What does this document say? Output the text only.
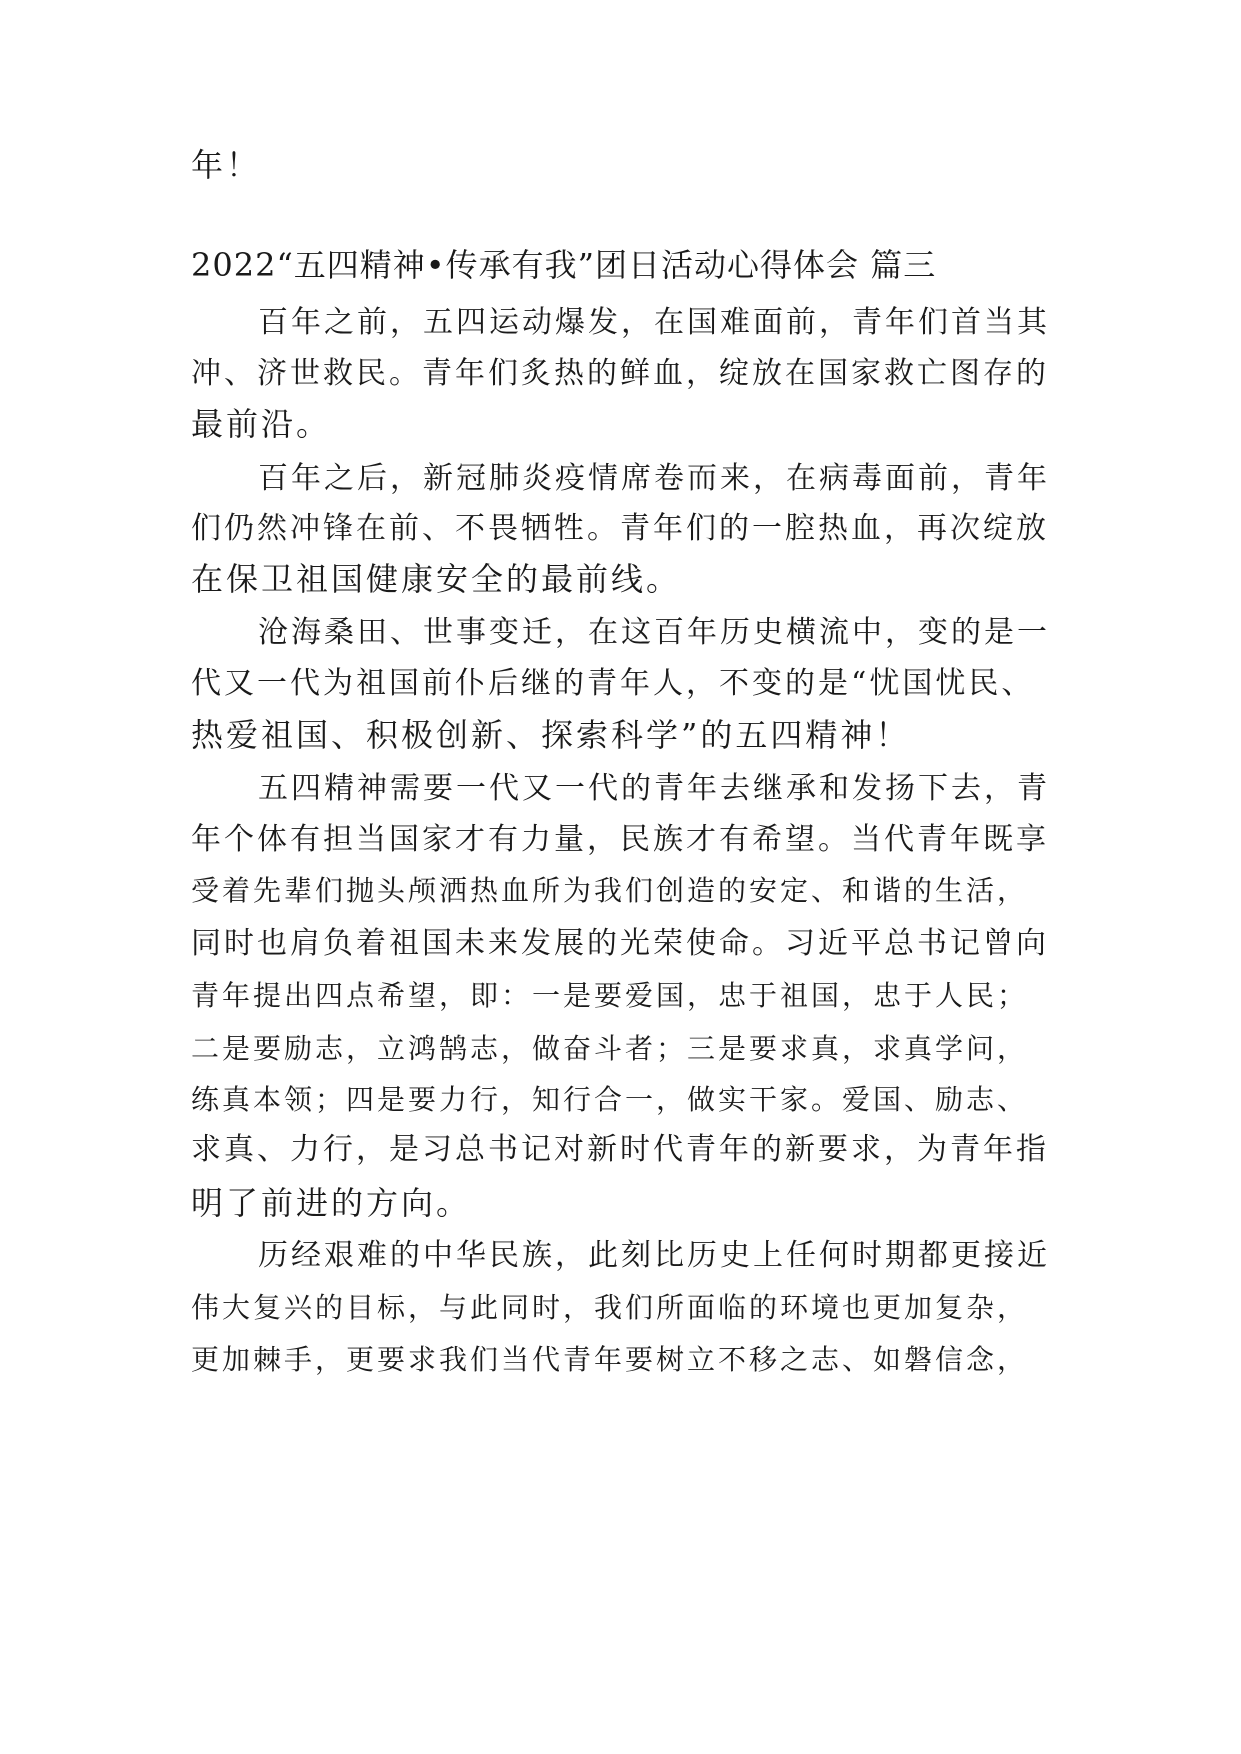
年！
2022“五四精神•传承有我”团日活动心得体会 篇三
百年之前，五四运动爆发，在国难面前，青年们首当其
冲、济世救民。青年们炙热的鲜血，绽放在国家救亡图存的
最前沿。
百年之后，新冠肺炎疫情席卷而来，在病毒面前，青年
们仍然冲锋在前、不畏牺牲。青年们的一腔热血，再次绽放
在保卫祖国健康安全的最前线。
沧海桑田、世事变迁，在这百年历史横流中，变的是一
代又一代为祖国前仆后继的青年人，不变的是“忧国忧民、
热爱祖国、积极创新、探索科学”的五四精神！
五四精神需要一代又一代的青年去继承和发扬下去，青
年个体有担当国家才有力量，民族才有希望。当代青年既享
受着先辈们抛头颅洒热血所为我们创造的安定、和谐的生活，
同时也肩负着祖国未来发展的光荣使命。习近平总书记曾向
青年提出四点希望，即：一是要爱国，忠于祖国，忠于人民；
二是要励志，立鸿鹄志，做奋斗者；三是要求真，求真学问，
练真本领；四是要力行，知行合一，做实干家。爱国、励志、
求真、力行，是习总书记对新时代青年的新要求，为青年指
明了前进的方向。
历经艰难的中华民族，此刻比历史上任何时期都更接近
伟大复兴的目标，与此同时，我们所面临的环境也更加复杂，
更加棘手，更要求我们当代青年要树立不移之志、如磐信念，
